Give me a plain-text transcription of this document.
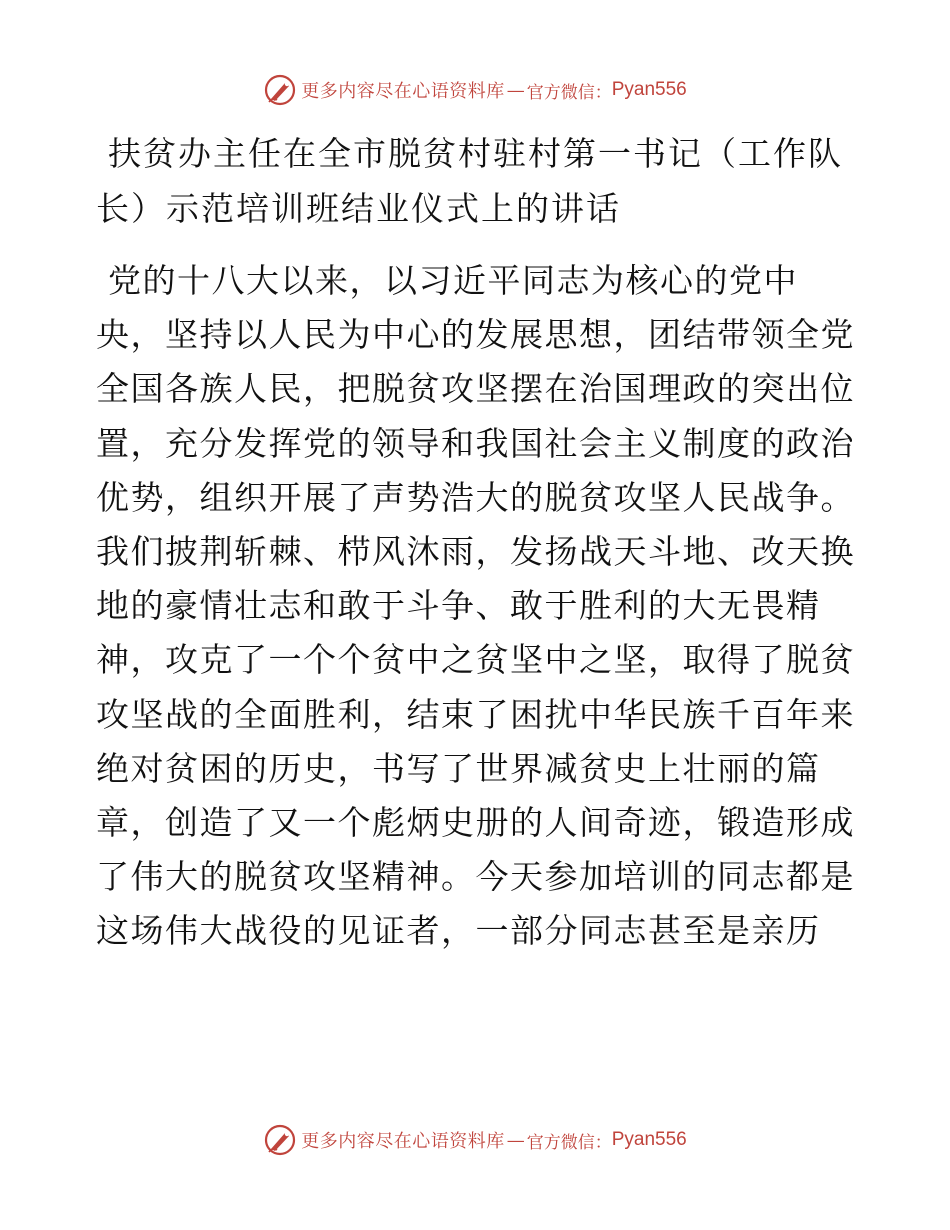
更多内容尽在心语资料库 — 官方微信： Pyan556
扶贫办主任在全市脱贫村驻村第一书记（工作队
长）示范培训班结业仪式上的讲话
党的十八大以来，以习近平同志为核心的党中
央，坚持以人民为中心的发展思想，团结带领全党
全国各族人民，把脱贫攻坚摆在治国理政的突出位
置，充分发挥党的领导和我国社会主义制度的政治
优势，组织开展了声势浩大的脱贫攻坚人民战争。
我们披荆斩棘、栉风沐雨，发扬战天斗地、改天换
地的豪情壮志和敢于斗争、敢于胜利的大无畏精
神，攻克了一个个贫中之贫坚中之坚，取得了脱贫
攻坚战的全面胜利，结束了困扰中华民族千百年来
绝对贫困的历史，书写了世界减贫史上壮丽的篇
章，创造了又一个彪炳史册的人间奇迹，锻造形成
了伟大的脱贫攻坚精神。今天参加培训的同志都是
这场伟大战役的见证者，一部分同志甚至是亲历
更多内容尽在心语资料库 — 官方微信： Pyan556
